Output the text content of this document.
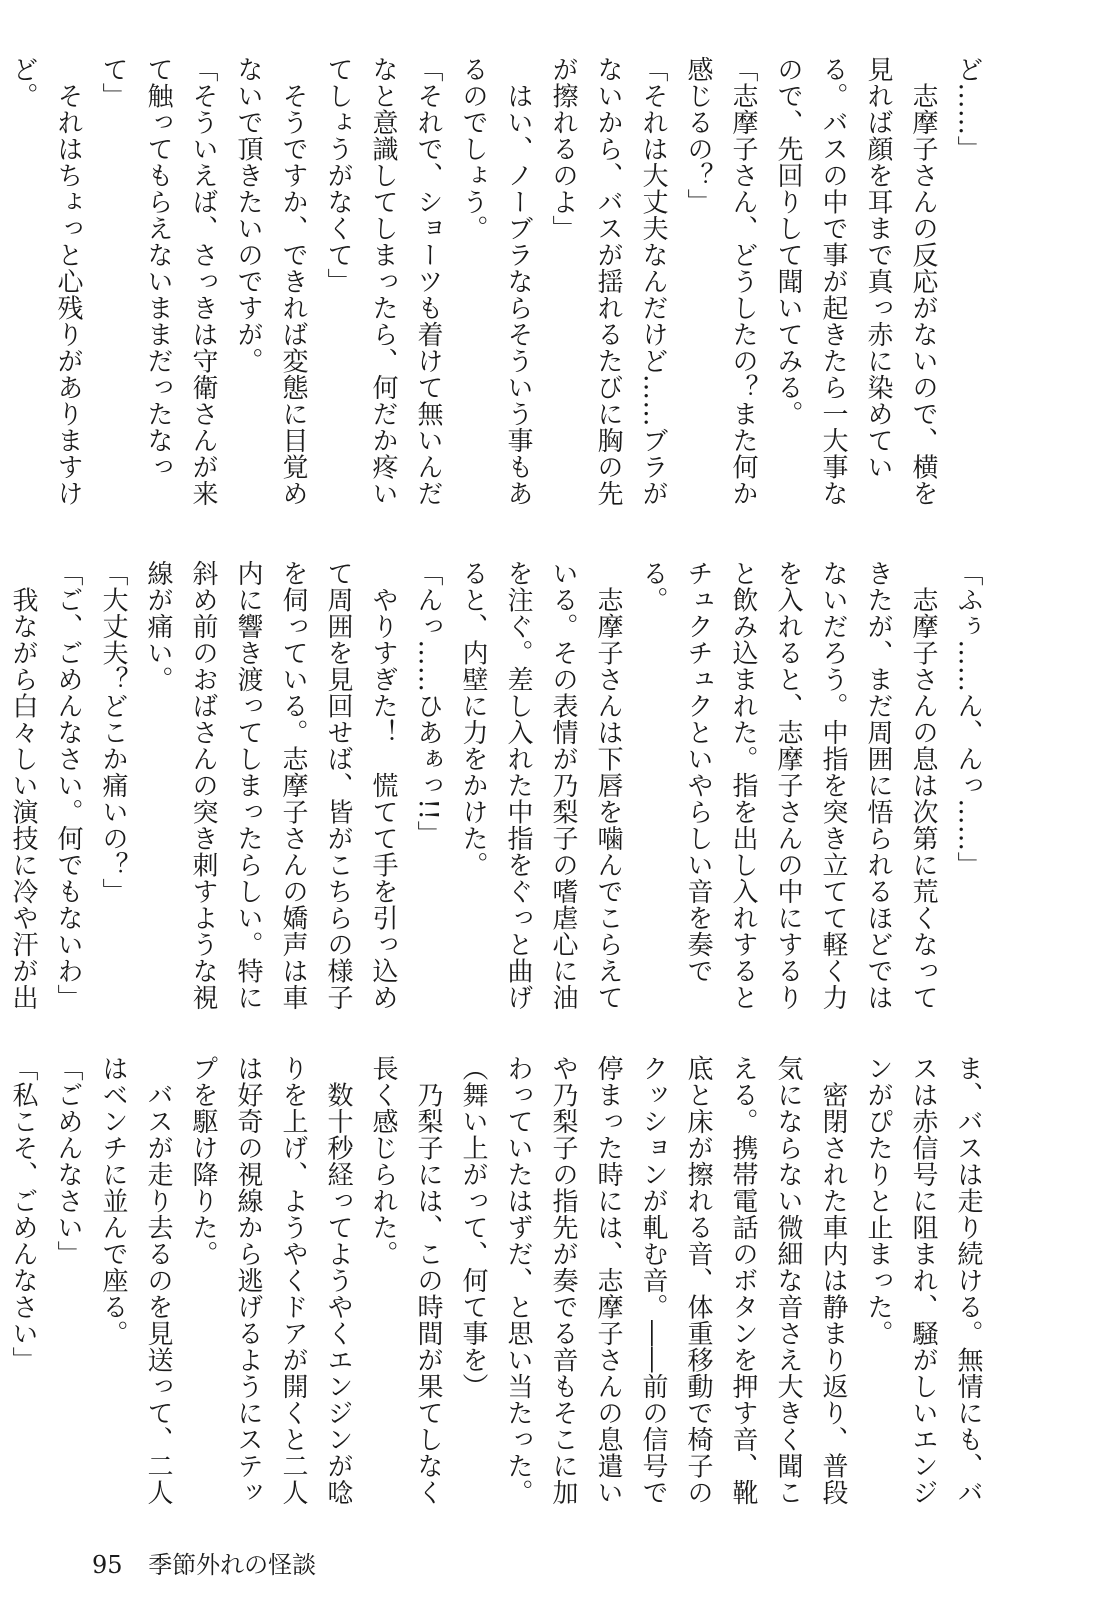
ど……」

　志摩子さんの反応がないので、横を見れば顔を耳まで真っ赤に染めている。バスの中で事が起きたら一大事なので、先回りして聞いてみる。

「志摩子さん、どうしたの？また何か感じるの？」

「それは大丈夫なんだけど……ブラがないから、バスが揺れるたびに胸の先が擦れるのよ」

　はい、ノーブラならそういう事もあるのでしょう。

「それで、ショーツも着けて無いんだなと意識してしまったら、何だか疼いてしょうがなくて」

　そうですか、できれば変態に目覚めないで頂きたいのですが。

「そういえば、さっきは守衛さんが来て触ってもらえないままだったなって」

　それはちょっと心残りがありますけど。

「ふぅ……ん、んっ……」

　志摩子さんの息は次第に荒くなってきたが、まだ周囲に悟られるほどではないだろう。中指を突き立てて軽く力を入れると、志摩子さんの中にするりと飲み込まれた。指を出し入れするとチュクチュクといやらしい音を奏でる。

　志摩子さんは下唇を噛んでこらえている。その表情が乃梨子の嗜虐心に油を注ぐ。差し入れた中指をぐっと曲げると、内壁に力をかけた。

「んっ……ひあぁっ!!」

　やりすぎた！　慌てて手を引っ込めて周囲を見回せば、皆がこちらの様子を伺っている。志摩子さんの嬌声は車内に響き渡ってしまったらしい。特に斜め前のおばさんの突き刺すような視線が痛い。

「大丈夫？どこか痛いの？」

「ご、ごめんなさい。何でもないわ」

　我ながら白々しい演技に冷や汗が出

ま、バスは走り続ける。無情にも、バスは赤信号に阻まれ、騒がしいエンジンがぴたりと止まった。

　密閉された車内は静まり返り、普段気にならない微細な音さえ大きく聞こえる。携帯電話のボタンを押す音、靴底と床が擦れる音、体重移動で椅子のクッションが軋む音。――前の信号で停まった時には、志摩子さんの息遣いや乃梨子の指先が奏でる音もそこに加わっていたはずだ、と思い当たった。

（舞い上がって、何て事を）

　乃梨子には、この時間が果てしなく長く感じられた。

　数十秒経ってようやくエンジンが唸りを上げ、ようやくドアが開くと二人は好奇の視線から逃げるようにステップを駆け降りた。

　バスが走り去るのを見送って、二人はベンチに並んで座る。

「ごめんなさい」

「私こそ、ごめんなさい」

95 季節外れの怪談
